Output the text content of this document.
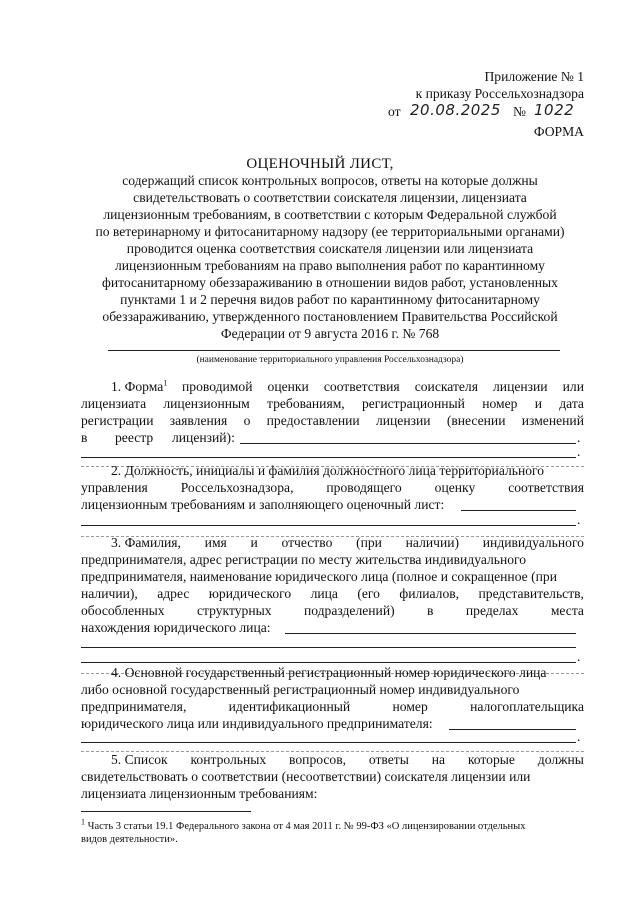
Приложение № 1
к приказу Россельхознадзора
от 20.08.2025 № 1022
ФОРМА
ОЦЕНОЧНЫЙ ЛИСТ,
содержащий список контрольных вопросов, ответы на которые должны
свидетельствовать о соответствии соискателя лицензии, лицензиата
лицензионным требованиям, в соответствии с которым Федеральной службой
по ветеринарному и фитосанитарному надзору (ее территориальными органами)
проводится оценка соответствия соискателя лицензии или лицензиата
лицензионным требованиям на право выполнения работ по карантинному
фитосанитарному обеззараживанию в отношении видов работ, установленных
пунктами 1 и 2 перечня видов работ по карантинному фитосанитарному
обеззараживанию, утвержденного постановлением Правительства Российской
Федерации от 9 августа 2016 г. № 768
(наименование территориального управления Россельхознадзора)
1. Форма$^1$ проводимой оценки соответствия соискателя лицензии или
лицензиата лицензионным требованиям, регистрационный номер и дата
регистрации заявления о предоставлении лицензии (внесении изменений
в реестр лицензий):	.
.
2. Должность, инициалы и фамилия должностного лица территориального
управления Россельхознадзора, проводящего оценку соответствия
лицензионным требованиям и заполняющего оценочный лист:
.
3. Фамилия, имя и отчество (при наличии) индивидуального
предпринимателя, адрес регистрации по месту жительства индивидуального
предпринимателя, наименование юридического лица (полное и сокращенное (при
наличии), адрес юридического лица (его филиалов, представительств,
обособленных структурных подразделений) в пределах места
нахождения юридического лица:
.
4. Основной государственный регистрационный номер юридического лица
либо основной государственный регистрационный номер индивидуального
предпринимателя,	идентификационный	номер	налогоплательщика
юридического лица или индивидуального предпринимателя:
.
5. Список контрольных вопросов, ответы на которые должны
свидетельствовать о соответствии (несоответствии) соискателя лицензии или
лицензиата лицензионным требованиям:
$^1$ Часть 3 статьи 19.1 Федерального закона от 4 мая 2011 г. № 99-ФЗ «О лицензировании отдельных
видов деятельности».
